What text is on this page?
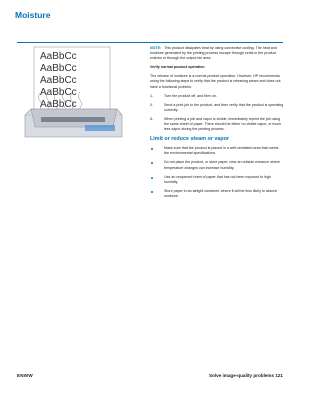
Moisture
AaBbCc
AaBbCc
AaBbCc
AaBbCc
AaBbCc

NOTE: This product dissipates heat by using convective cooling. The heat and moisture generated by the printing process escape through vents in the product exterior or through the output bin area.

Verify normal product operation

The release of moisture is a normal product operation. However, HP recommends using the following steps to verify that the product is releasing steam and does not have a functional problem.

1.	Turn the product off, and then on.
2.	Send a print job to the product, and then verify that the product is operating correctly.
3.	When printing a job and vapor is visible, immediately reprint the job using the same sheet of paper. There should be either no visible vapor, or much less vapor during the printing process.
Limit or reduce steam or vapor
Make sure that the product is placed in a well-ventilated area that meets the environmental specifications.
Do not place the product, or store paper, near an outside entrance where temperature changes can increase humidity.
Use an unopened ream of paper that has not been exposed to high humidity.
Store paper in an airtight container, where it will be less likely to absorb moisture.
ENWW	Solve image-quality problems 121
